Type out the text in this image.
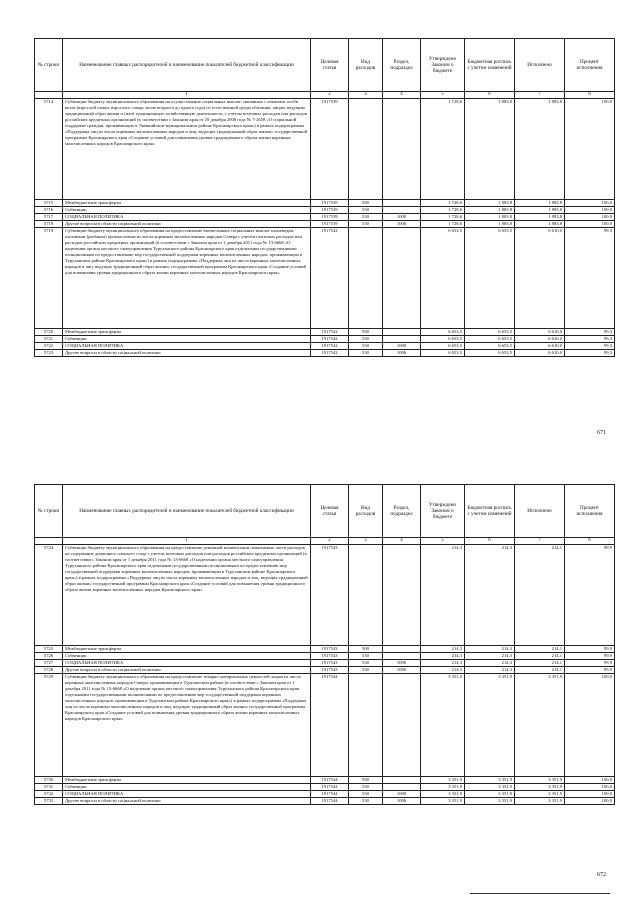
№ строки	Наименование главных распорядителей и наименование показателей бюджетной классификации	Целевая статья	Вид расходов	Раздел, подраздел	Утверждено Законом о бюджете	Бюджетная роспись с учетом изменений	Исполнено	Процент исполнения
	1	2	3	4	5	6	7	8
5714	Субвенции бюджету муниципального образования на осуществление социальных выплат, связанных с изъятием особи козла (взрослой самки, взрослого самца, возле возраста до одного года) из естественной среды обитания, лицам, ведущим традиционный образ жизни и (или) традиционную хозяйственную деятельность, с учетом почтовых расходов или расходов российских кредитных организаций (в соответствии с Законом края от 18 декабря 2008 года № 7-2658 «О социальной поддержке граждан, проживающих в Эвенкийском муниципальном районе Красноярского края») в рамках подпрограммы «Поддержка лиц из числа коренных малочисленных народов и лиц, ведущих традиционный образ жизни» государственной программы Красноярского края «Создание условий для повышения уровня традиционного образа жизни коренных малочисленных народов Красноярского края»	1917539			1 728,6	1 883,8	1 883,8	100,0
5715	Межбюджетные трансферты	1917539	500		1 728,6	1 883,8	1 883,8	100,0
5716	Субвенции	1917539	530		1 728,6	1 883,8	1 883,8	100,0
5717	СОЦИАЛЬНАЯ ПОЛИТИКА	1917539	530	1000	1 728,6	1 883,8	1 883,8	100,0
5718	Другие вопросы в области социальной политики	1917539	530	1006	1 728,6	1 883,8	1 883,8	100,0
5719	Субвенции бюджету муниципального образования на предоставление ежемесячных социальных выплат оленеводам, охотникам (рыбакам) промысловым из числа коренных малочисленных народов Севера с учетом почтовых расходов или расходов российских кредитных организаций (в соответствии с Законом края от 1 декабря 2011 года № 13-6668 «О наделении органа местного самоуправления Туруханского района Красноярского края отдельными государственными полномочиями по предоставлению мер государственной поддержки коренных малочисленных народов, проживающим в Туруханском районе Красноярского края») в рамках подпрограммы «Поддержка лиц из числа коренных малочисленных народов и лиц, ведущих традиционный образ жизни» государственной программы Красноярского края «Создание условий для повышения уровня традиционного образа жизни коренных малочисленных народов Красноярского края»	1917542			6 653,5	6 653,5	6 610,0	99,3
5720	Межбюджетные трансферты	1917542	500		6 653,5	6 653,5	6 610,0	99,3
5721	Субвенции	1917542	530		6 653,5	6 653,5	6 610,0	99,3
5722	СОЦИАЛЬНАЯ ПОЛИТИКА	1917542	530	1000	6 653,5	6 653,5	6 610,0	99,3
5723	Другие вопросы в области социальной политики	1917542	530	1006	6 653,5	6 653,5	6 610,0	99,3
671
№ строки	Наименование главных распорядителей и наименование показателей бюджетной классификации	Целевая статья	Вид расходов	Раздел, подраздел	Утверждено Законом о бюджете	Бюджетная роспись с учетом изменений	Исполнено	Процент исполнения
	1	2	3	4	5	6	7	8
5724	Субвенции бюджету муниципального образования на предоставление денежной компенсации пожизненно части расходов на содержание домашнего оленьего стада с учетом почтовых расходов или расходов российских кредитных организаций (в соответствии с Законом края от 1 декабря 2011 года № 13-6668 «О наделении органа местного самоуправления Туруханского района Красноярского края отдельными государственными полномочиями по предоставлению мер государственной поддержки коренных малочисленных народов, проживающим в Туруханском районе Красноярского края») в рамках подпрограммы «Поддержка лиц из числа коренных малочисленных народов и лиц, ведущих традиционный образ жизни» государственной программы Красноярского края «Создание условий для повышения уровня традиционного образа жизни коренных малочисленных народов Красноярского края»	1917543			214,3	214,3	214,1	99,9
5725	Межбюджетные трансферты	1917543	500		214,3	214,3	214,1	99,9
5726	Субвенции	1917543	530		214,3	214,3	214,1	99,9
5727	СОЦИАЛЬНАЯ ПОЛИТИКА	1917543	530	1000	214,3	214,3	214,1	99,9
5728	Другие вопросы в области социальной политики	1917543	530	1006	214,3	214,3	214,1	99,9
5729	Субвенции бюджету муниципального образования на предоставление товарно-материальных ценностей лицам из числа коренных малочисленных народов Севера, проживающим в Туруханском районе (в соответствии с Законом края от 1 декабря 2011 года № 13-6668 «О наделении органа местного самоуправления Туруханского района Красноярского края отдельными государственными полномочиями по предоставлению мер государственной поддержки коренных малочисленных народов, проживающим в Туруханском районе Красноярского края») в рамках подпрограммы «Поддержка лиц из числа коренных малочисленных народов и лиц, ведущих традиционный образ жизни» государственной программы Красноярского края «Создание условий для повышения уровня традиционного образа жизни коренных малочисленных народов Красноярского края»	1917544			3 351,9	3 351,9	3 351,9	100,0
5730	Межбюджетные трансферты	1917544	500		3 351,9	3 351,9	3 351,9	100,0
5731	Субвенции	1917544	530		3 351,9	3 351,9	3 351,9	100,0
5732	СОЦИАЛЬНАЯ ПОЛИТИКА	1917544	530	1000	3 351,9	3 351,9	3 351,9	100,0
5733	Другие вопросы в области социальной политики	1917544	530	1006	3 351,9	3 351,9	3 351,9	100,0
672
